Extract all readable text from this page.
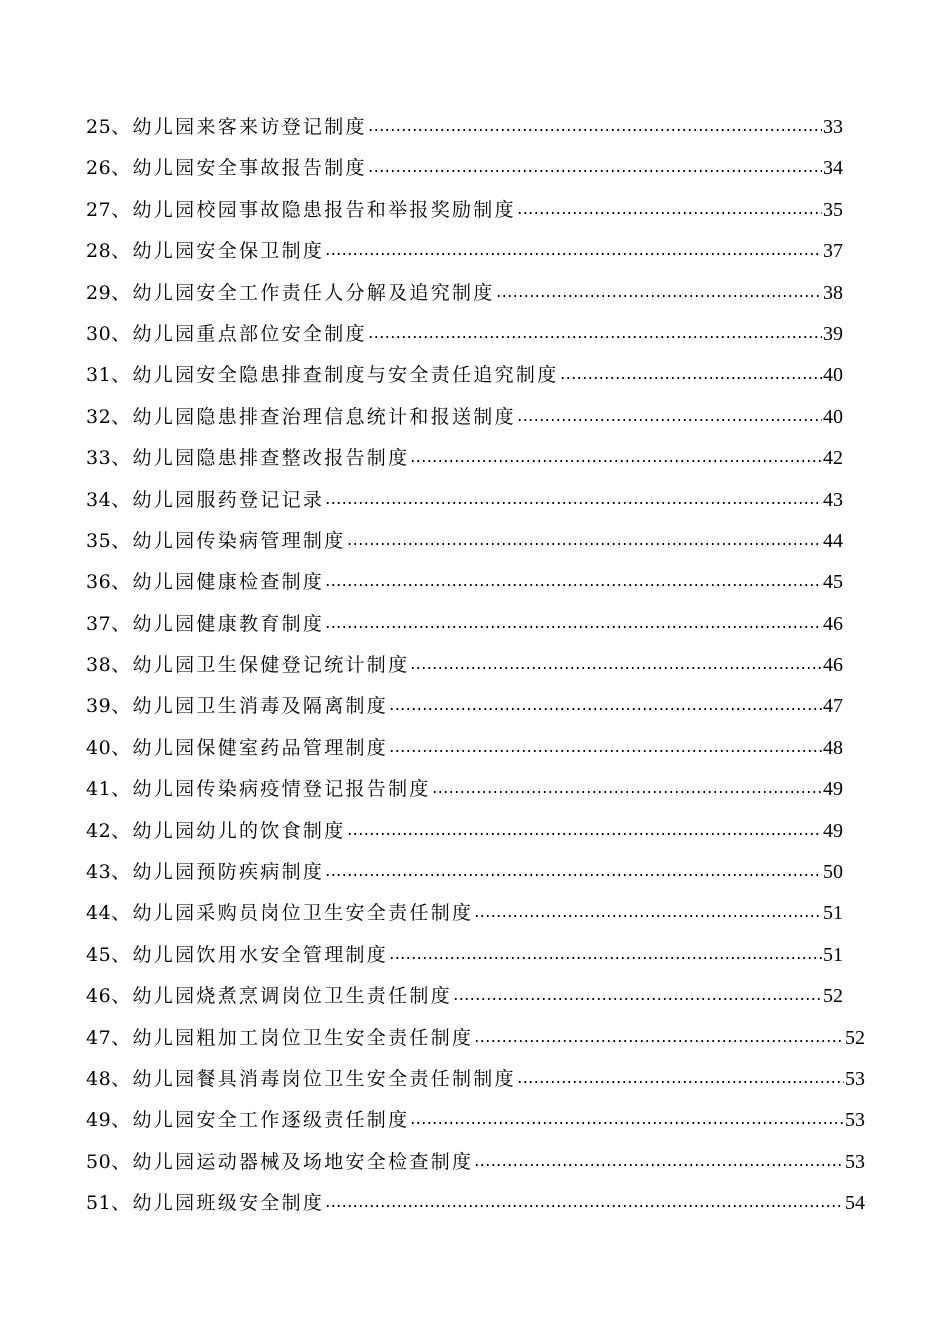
25、幼儿园来客来访登记制度	33
26、幼儿园安全事故报告制度	34
27、幼儿园校园事故隐患报告和举报奖励制度	35
28、幼儿园安全保卫制度	37
29、幼儿园安全工作责任人分解及追究制度	38
30、幼儿园重点部位安全制度	39
31、幼儿园安全隐患排查制度与安全责任追究制度	40
32、幼儿园隐患排查治理信息统计和报送制度	40
33、幼儿园隐患排查整改报告制度	42
34、幼儿园服药登记记录	43
35、幼儿园传染病管理制度	44
36、幼儿园健康检查制度	45
37、幼儿园健康教育制度	46
38、幼儿园卫生保健登记统计制度	46
39、幼儿园卫生消毒及隔离制度	47
40、幼儿园保健室药品管理制度	48
41、幼儿园传染病疫情登记报告制度	49
42、幼儿园幼儿的饮食制度	49
43、幼儿园预防疾病制度	50
44、幼儿园采购员岗位卫生安全责任制度	51
45、幼儿园饮用水安全管理制度	51
46、幼儿园烧煮烹调岗位卫生责任制度	52
47、幼儿园粗加工岗位卫生安全责任制度	52
48、幼儿园餐具消毒岗位卫生安全责任制制度	53
49、幼儿园安全工作逐级责任制度	53
50、幼儿园运动器械及场地安全检查制度	53
51、幼儿园班级安全制度	54
